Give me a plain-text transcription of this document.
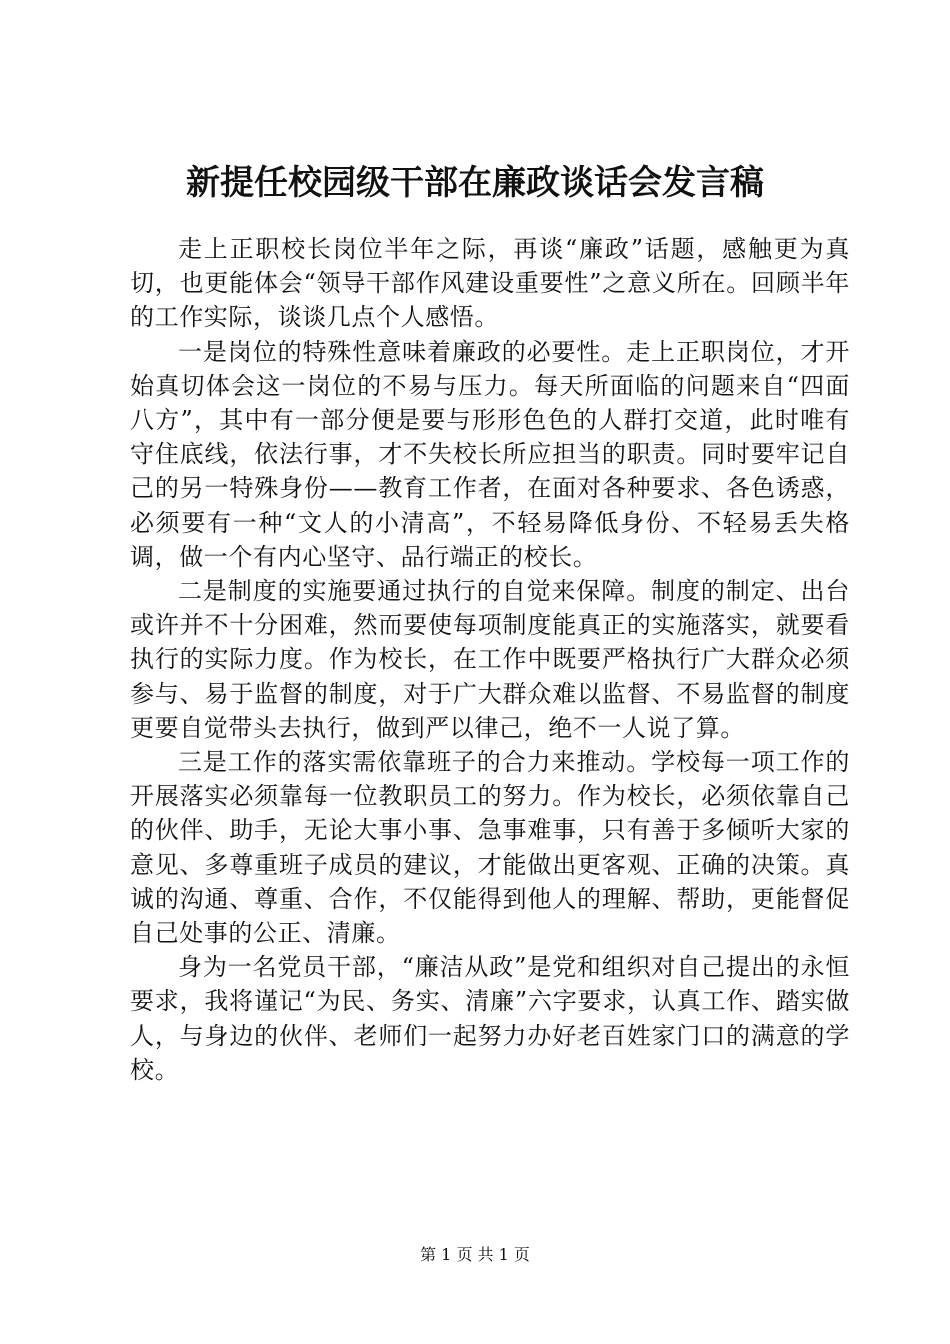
新提任校园级干部在廉政谈话会发言稿

走上正职校长岗位半年之际，再谈“廉政”话题，感触更为真切，也更能体会“领导干部作风建设重要性”之意义所在。回顾半年的工作实际，谈谈几点个人感悟。

一是岗位的特殊性意味着廉政的必要性。走上正职岗位，才开始真切体会这一岗位的不易与压力。每天所面临的问题来自“四面八方”，其中有一部分便是要与形形色色的人群打交道，此时唯有守住底线，依法行事，才不失校长所应担当的职责。同时要牢记自己的另一特殊身份——教育工作者，在面对各种要求、各色诱惑，必须要有一种“文人的小清高”，不轻易降低身份、不轻易丢失格调，做一个有内心坚守、品行端正的校长。

二是制度的实施要通过执行的自觉来保障。制度的制定、出台或许并不十分困难，然而要使每项制度能真正的实施落实，就要看执行的实际力度。作为校长，在工作中既要严格执行广大群众必须参与、易于监督的制度，对于广大群众难以监督、不易监督的制度更要自觉带头去执行，做到严以律己，绝不一人说了算。

三是工作的落实需依靠班子的合力来推动。学校每一项工作的开展落实必须靠每一位教职员工的努力。作为校长，必须依靠自己的伙伴、助手，无论大事小事、急事难事，只有善于多倾听大家的意见、多尊重班子成员的建议，才能做出更客观、正确的决策。真诚的沟通、尊重、合作，不仅能得到他人的理解、帮助，更能督促自己处事的公正、清廉。

身为一名党员干部，“廉洁从政”是党和组织对自己提出的永恒要求，我将谨记“为民、务实、清廉”六字要求，认真工作、踏实做人，与身边的伙伴、老师们一起努力办好老百姓家门口的满意的学校。

第 1 页 共 1 页
